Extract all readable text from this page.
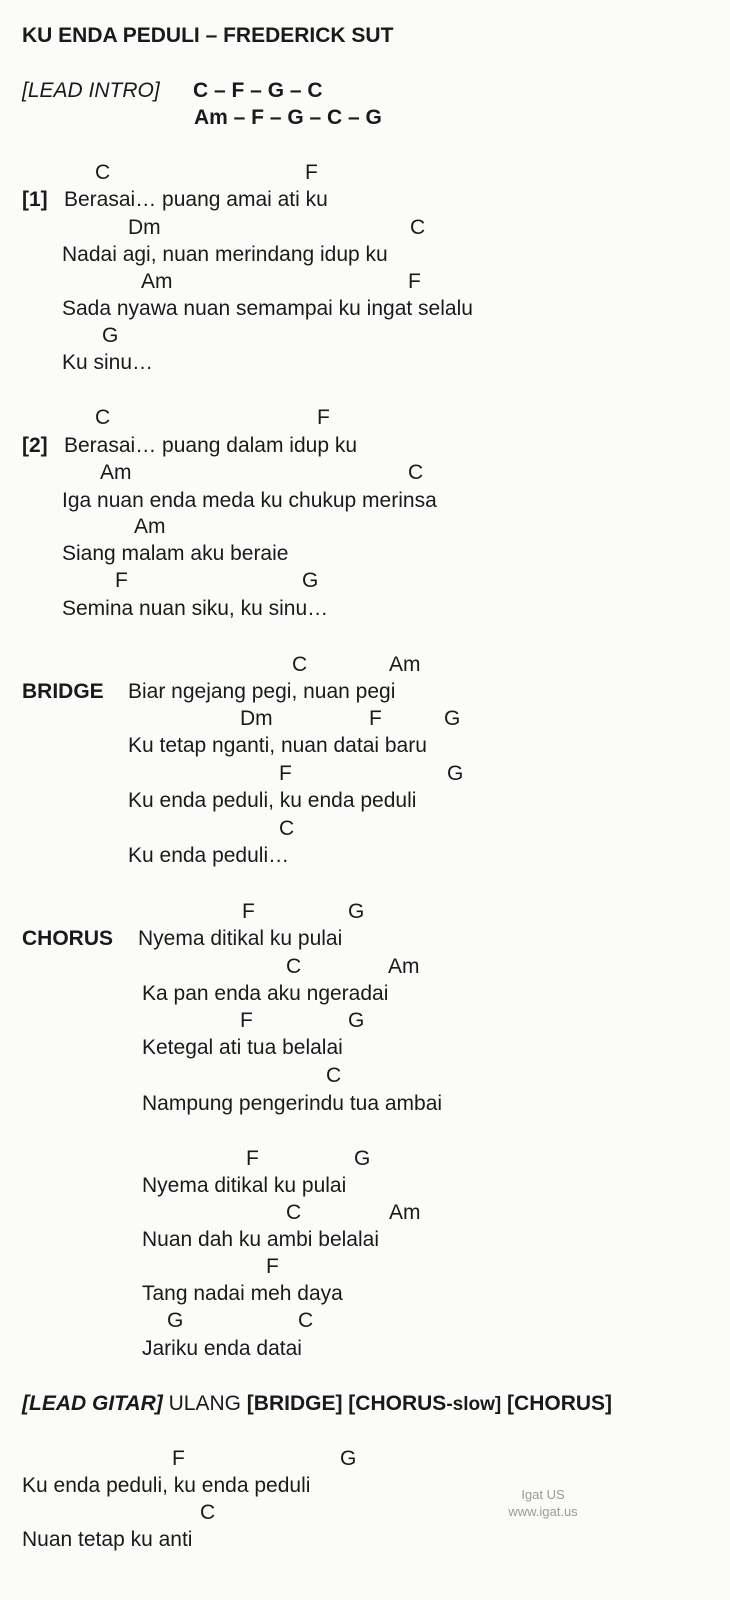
KU ENDA PEDULI – FREDERICK SUT
[LEAD INTRO] C – F – G – C
Am – F – G – C – G
C	F
[1] Berasai… puang amai ati ku
Dm	C
Nadai agi, nuan merindang idup ku
Am	F
Sada nyawa nuan semampai ku ingat selalu
G
Ku sinu…
C	F
[2] Berasai… puang dalam idup ku
Am	C
Iga nuan enda meda ku chukup merinsa
Am
Siang malam aku beraie
F	G
Semina nuan siku, ku sinu…
C	Am
BRIDGE Biar ngejang pegi, nuan pegi
Dm	F	G
Ku tetap nganti, nuan datai baru
F	G
Ku enda peduli, ku enda peduli
C
Ku enda peduli…
F	G
CHORUS Nyema ditikal ku pulai
C	Am
Ka pan enda aku ngeradai
F	G
Ketegal ati tua belalai
C
Nampung pengerindu tua ambai
F	G
Nyema ditikal ku pulai
C	Am
Nuan dah ku ambi belalai
F
Tang nadai meh daya
G	C
Jariku enda datai
[LEAD GITAR] ULANG [BRIDGE] [CHORUS-slow] [CHORUS]
F	G
Ku enda peduli, ku enda peduli
C
Nuan tetap ku anti
Igat US
www.igat.us
